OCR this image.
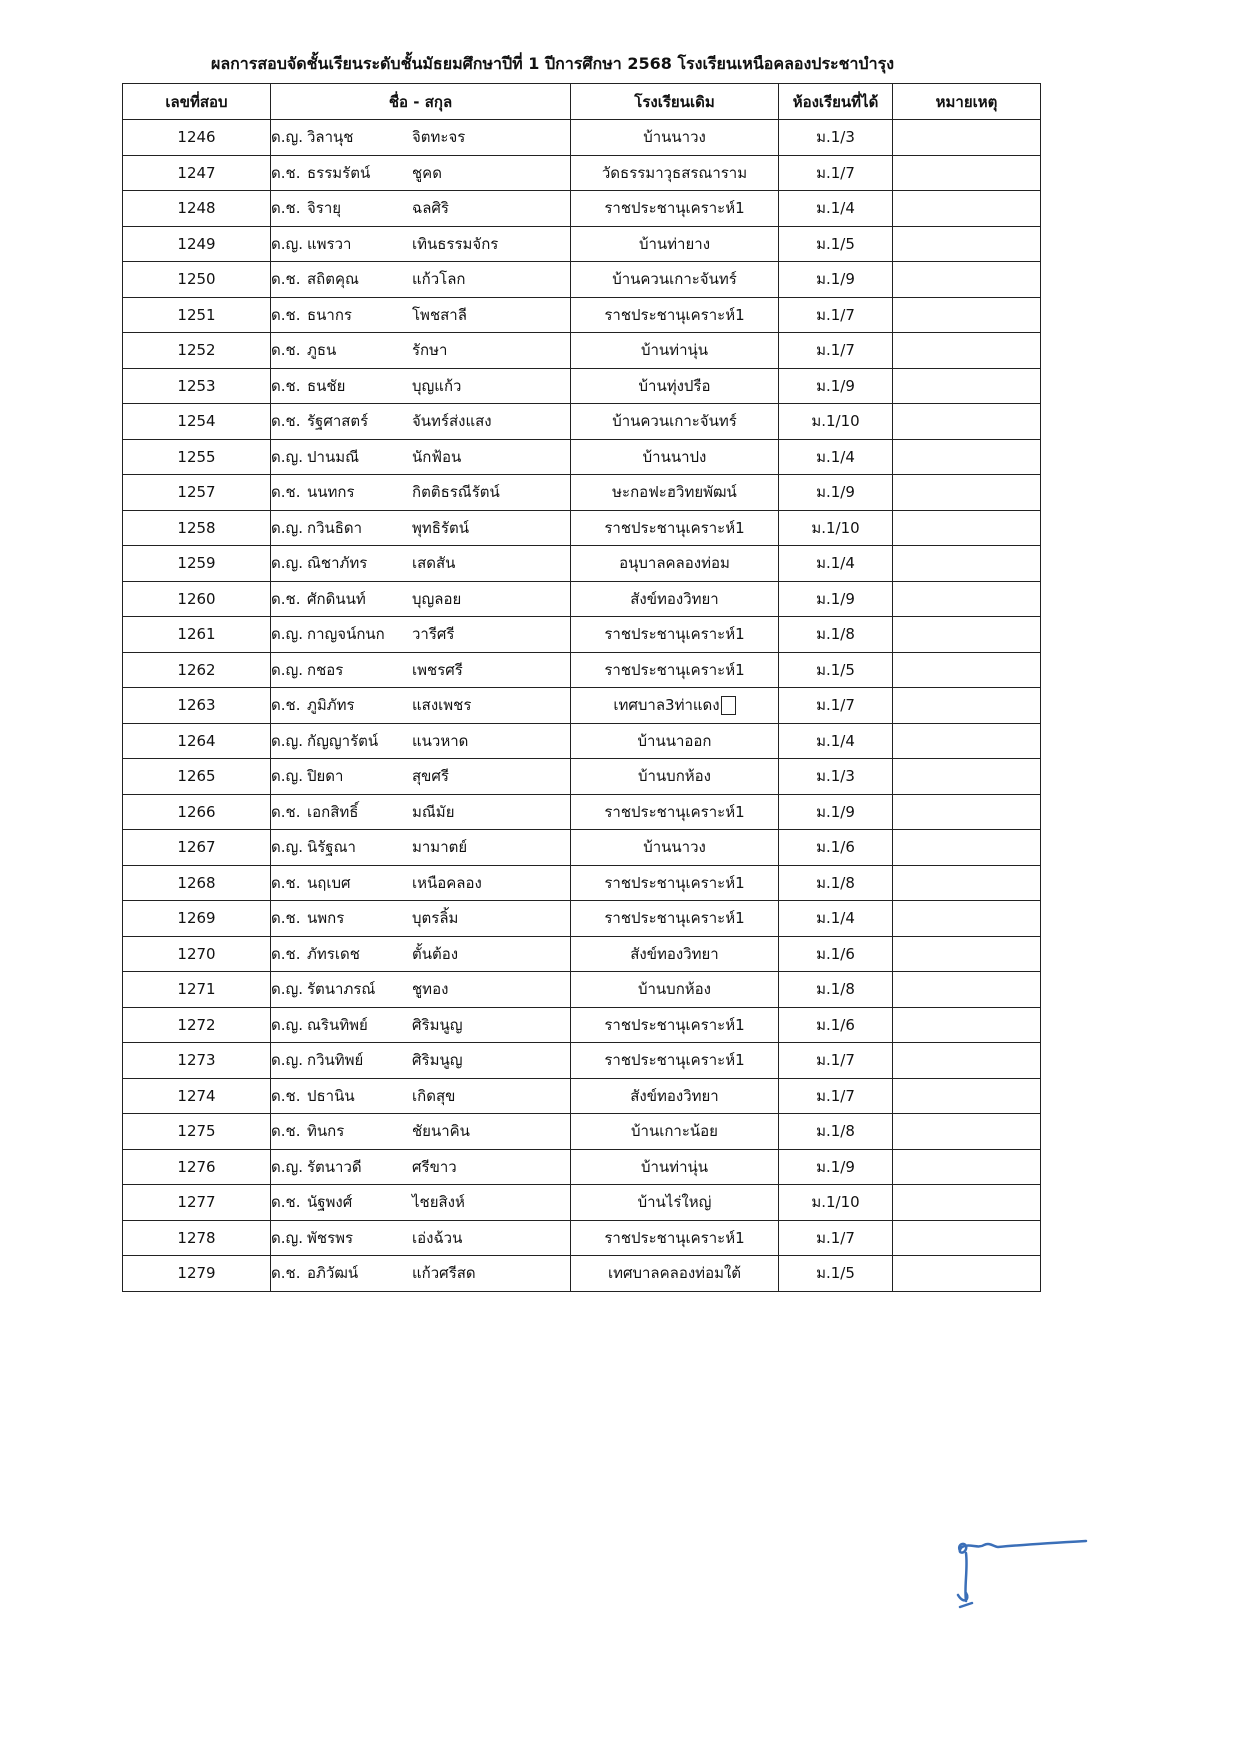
ผลการสอบจัดชั้นเรียนระดับชั้นมัธยมศึกษาปีที่ 1 ปีการศึกษา 2568 โรงเรียนเหนือคลองประชาบำรุง
เลขที่สอบ	ชื่อ - สกุล	โรงเรียนเดิม	ห้องเรียนที่ได้	หมายเหตุ
1246	ด.ญ. วิลานุช จิตทะจร	บ้านนาวง	ม.1/3	
1247	ด.ช. ธรรมรัตน์ ชูคด	วัดธรรมาวุธสรณาราม	ม.1/7	
1248	ด.ช. จิรายุ ฉลศิริ	ราชประชานุเคราะห์1	ม.1/4	
1249	ด.ญ. แพรวา เทินธรรมจักร	บ้านท่ายาง	ม.1/5	
1250	ด.ช. สถิตคุณ แก้วโลก	บ้านควนเกาะจันทร์	ม.1/9	
1251	ด.ช. ธนากร โพชสาลี	ราชประชานุเคราะห์1	ม.1/7	
1252	ด.ช. ภูธน รักษา	บ้านท่านุ่น	ม.1/7	
1253	ด.ช. ธนชัย บุญแก้ว	บ้านทุ่งปรือ	ม.1/9	
1254	ด.ช. รัฐศาสตร์ จันทร์ส่งแสง	บ้านควนเกาะจันทร์	ม.1/10	
1255	ด.ญ. ปานมณี นักฟ้อน	บ้านนาปง	ม.1/4	
1257	ด.ช. นนทกร กิตติธรณีรัตน์	ษะกอฟะฮวิทยพัฒน์	ม.1/9	
1258	ด.ญ. กวินธิดา พุทธิรัตน์	ราชประชานุเคราะห์1	ม.1/10	
1259	ด.ญ. ณิชาภัทร เสดสัน	อนุบาลคลองท่อม	ม.1/4	
1260	ด.ช. ศักดินนท์ บุญลอย	สังข์ทองวิทยา	ม.1/9	
1261	ด.ญ. กาญจน์กนก วารีศรี	ราชประชานุเคราะห์1	ม.1/8	
1262	ด.ญ. กชอร เพชรศรี	ราชประชานุเคราะห์1	ม.1/5	
1263	ด.ช. ภูมิภัทร แสงเพชร	เทศบาล3ท่าแดง	ม.1/7	
1264	ด.ญ. กัญญารัตน์ แนวหาด	บ้านนาออก	ม.1/4	
1265	ด.ญ. ปิยดา สุขศรี	บ้านบกห้อง	ม.1/3	
1266	ด.ช. เอกสิทธิ์ มณีมัย	ราชประชานุเคราะห์1	ม.1/9	
1267	ด.ญ. นิรัฐณา มามาตย์	บ้านนาวง	ม.1/6	
1268	ด.ช. นฤเบศ เหนือคลอง	ราชประชานุเคราะห์1	ม.1/8	
1269	ด.ช. นพกร บุตรลิ้ม	ราชประชานุเคราะห์1	ม.1/4	
1270	ด.ช. ภัทรเดช ตั้นต้อง	สังข์ทองวิทยา	ม.1/6	
1271	ด.ญ. รัตนาภรณ์ ชูทอง	บ้านบกห้อง	ม.1/8	
1272	ด.ญ. ณรินทิพย์ ศิริมนูญ	ราชประชานุเคราะห์1	ม.1/6	
1273	ด.ญ. กวินทิพย์ ศิริมนูญ	ราชประชานุเคราะห์1	ม.1/7	
1274	ด.ช. ปธานิน เกิดสุข	สังข์ทองวิทยา	ม.1/7	
1275	ด.ช. ทินกร ชัยนาคิน	บ้านเกาะน้อย	ม.1/8	
1276	ด.ญ. รัตนาวดี ศรีขาว	บ้านท่านุ่น	ม.1/9	
1277	ด.ช. นัฐพงศ์ ไชยสิงห์	บ้านไร่ใหญ่	ม.1/10	
1278	ด.ญ. พัชรพร เอ่งฉ้วน	ราชประชานุเคราะห์1	ม.1/7	
1279	ด.ช. อภิวัฒน์ แก้วศรีสด	เทศบาลคลองท่อมใต้	ม.1/5	
